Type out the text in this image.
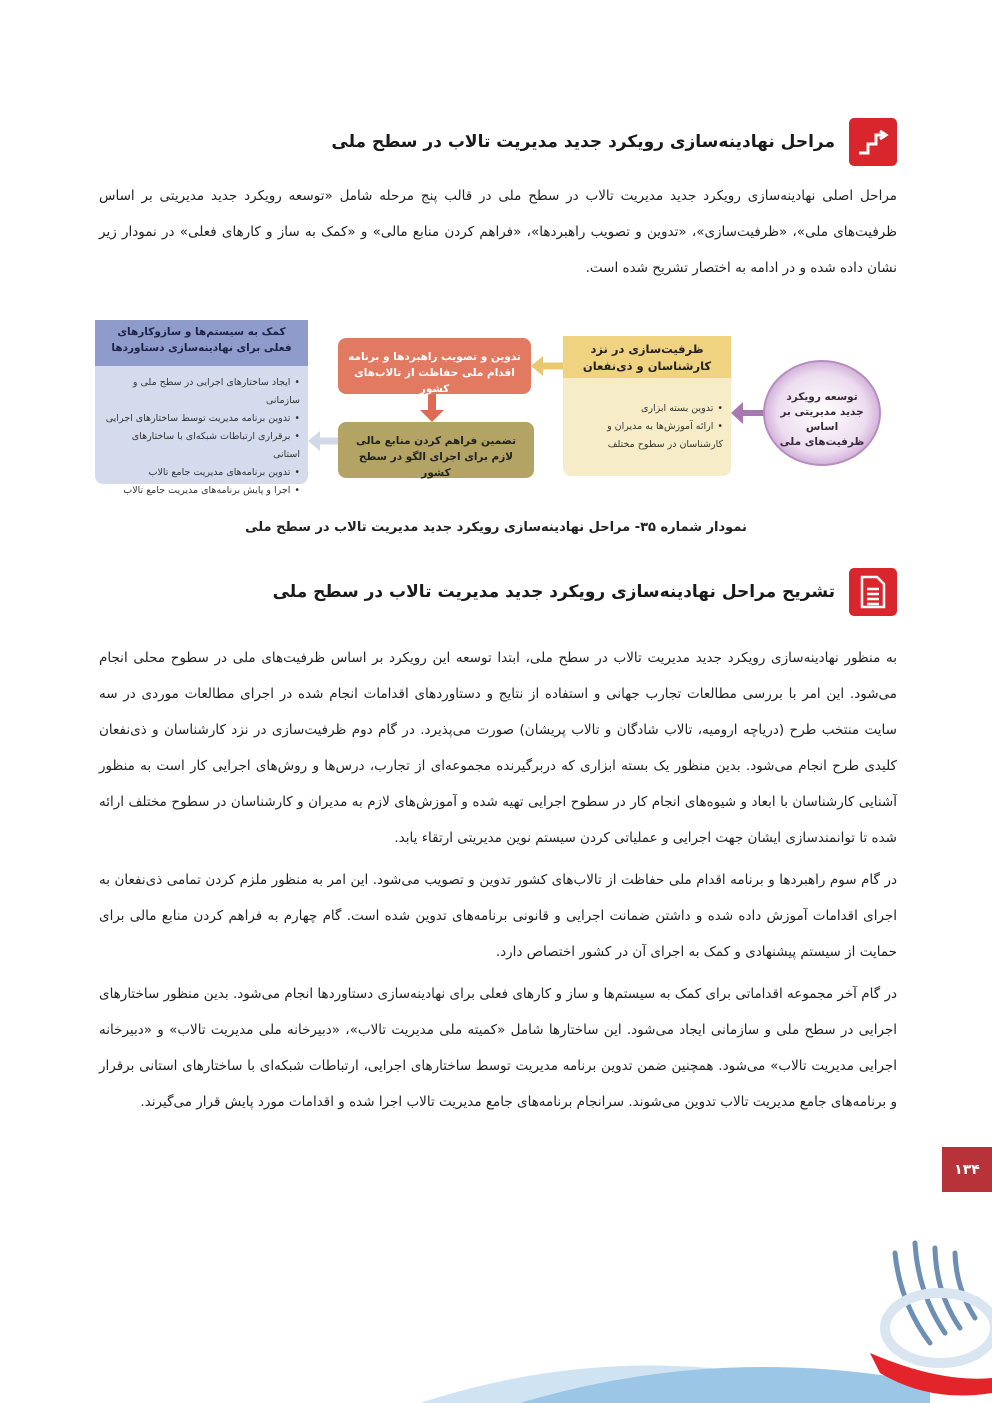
مراحل نهادینه‌سازی رویکرد جدید مدیریت تالاب در سطح ملی

مراحل اصلی نهادینه‌سازی رویکرد جدید مدیریت تالاب در سطح ملی در قالب پنج مرحله شامل «توسعه رویکرد جدید مدیریتی بر اساس ظرفیت‌های ملی»، «ظرفیت‌سازی»، «تدوین و تصویب راهبردها»، «فراهم کردن منابع مالی» و «کمک به ساز و کارهای فعلی» در نمودار زیر نشان داده شده و در ادامه به اختصار تشریح شده است.

توسعه رویکرد جدید مدیریتی بر اساس ظرفیت‌های ملی
ظرفیت‌سازی در نزد کارشناسان و ذی‌نفعان
• تدوین بسته ابزاری
• ارائه آموزش‌ها به مدیران و کارشناسان در سطوح مختلف
تدوین و تصویب راهبردها و برنامه اقدام ملی حفاظت از تالاب‌های کشور
تضمین فراهم کردن منابع مالی لازم برای اجرای الگو در سطح کشور
کمک به سیستم‌ها و سازوکارهای فعلی برای نهادینه‌سازی دستاوردها
• ایجاد ساختارهای اجرایی در سطح ملی و سازمانی
• تدوین برنامه مدیریت توسط ساختارهای اجرایی
• برقراری ارتباطات شبکه‌ای با ساختارهای استانی
• تدوین برنامه‌های مدیریت جامع تالاب
• اجرا و پایش برنامه‌های مدیریت جامع تالاب
نمودار شماره ۳۵- مراحل نهادینه‌سازی رویکرد جدید مدیریت تالاب در سطح ملی
تشریح مراحل نهادینه‌سازی رویکرد جدید مدیریت تالاب در سطح ملی

به منظور نهادینه‌سازی رویکرد جدید مدیریت تالاب در سطح ملی، ابتدا توسعه این رویکرد بر اساس ظرفیت‌های ملی در سطوح محلی انجام می‌شود. این امر با بررسی مطالعات تجارب جهانی و استفاده از نتایج و دستاوردهای اقدامات انجام شده در اجرای مطالعات موردی در سه سایت منتخب طرح (دریاچه ارومیه، تالاب شادگان و تالاب پریشان) صورت می‌پذیرد. در گام دوم ظرفیت‌سازی در نزد کارشناسان و ذی‌نفعان کلیدی طرح انجام می‌شود. بدین منظور یک بسته ابزاری که دربرگیرنده مجموعه‌ای از تجارب، درس‌ها و روش‌های اجرایی کار است به منظور آشنایی کارشناسان با ابعاد و شیوه‌های انجام کار در سطوح اجرایی تهیه شده و آموزش‌های لازم به مدیران و کارشناسان در سطوح مختلف ارائه شده تا توانمندسازی ایشان جهت اجرایی و عملیاتی کردن سیستم نوین مدیریتی ارتقاء یابد.

در گام سوم راهبردها و برنامه اقدام ملی حفاظت از تالاب‌های کشور تدوین و تصویب می‌شود. این امر به منظور ملزم کردن تمامی ذی‌نفعان به اجرای اقدامات آموزش داده شده و داشتن ضمانت اجرایی و قانونی برنامه‌های تدوین شده است. گام چهارم به فراهم کردن منابع مالی برای حمایت از سیستم پیشنهادی و کمک به اجرای آن در کشور اختصاص دارد.

در گام آخر مجموعه اقداماتی برای کمک به سیستم‌ها و ساز و کارهای فعلی برای نهادینه‌سازی دستاوردها انجام می‌شود. بدین منظور ساختارهای اجرایی در سطح ملی و سازمانی ایجاد می‌شود. این ساختارها شامل «کمیته ملی مدیریت تالاب»، «دبیرخانه ملی مدیریت تالاب» و «دبیرخانه اجرایی مدیریت تالاب» می‌شود. همچنین ضمن تدوین برنامه مدیریت توسط ساختارهای اجرایی، ارتباطات شبکه‌ای با ساختارهای استانی برقرار و برنامه‌های جامع مدیریت تالاب تدوین می‌شوند. سرانجام برنامه‌های جامع مدیریت تالاب اجرا شده و اقدامات مورد پایش قرار می‌گیرند.

۱۳۴
